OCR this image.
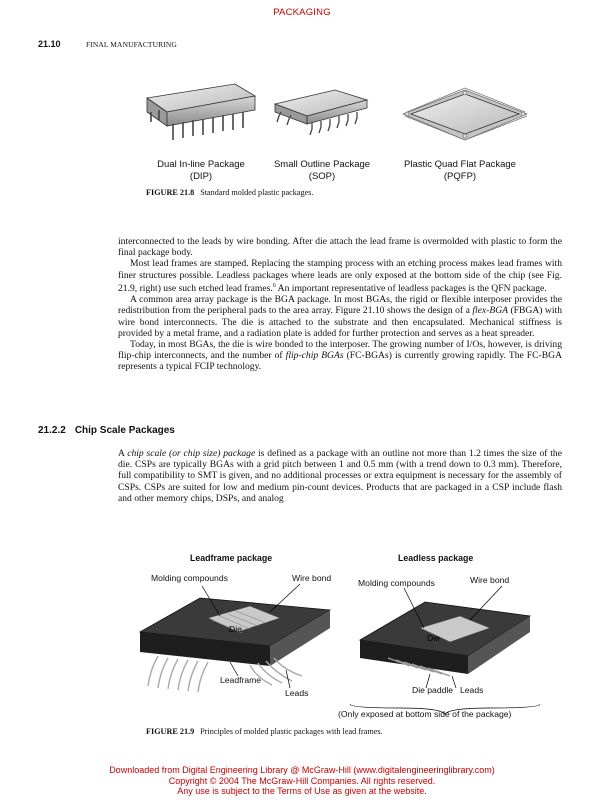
PACKAGING
21.10	FINAL MANUFACTURING
Dual In-line Package
(DIP)
Small Outline Package
(SOP)
Plastic Quad Flat Package
(PQFP)
FIGURE 21.8 Standard molded plastic packages.

interconnected to the leads by wire bonding. After die attach the lead frame is overmolded with plastic to form the final package body.

Most lead frames are stamped. Replacing the stamping process with an etching process makes lead frames with finer structures possible. Leadless packages where leads are only exposed at the bottom side of the chip (see Fig. 21.9, right) use such etched lead frames.$^6$ An important representative of leadless packages is the QFN package.

A common area array package is the BGA package. In most BGAs, the rigid or flexible interposer provides the redistribution from the peripheral pads to the area array. Figure 21.10 shows the design of a flex-BGA (FBGA) with wire bond interconnects. The die is attached to the substrate and then encapsulated. Mechanical stiffness is provided by a metal frame, and a radiation plate is added for further protection and serves as a heat spreader.

Today, in most BGAs, the die is wire bonded to the interposer. The growing number of I/Os, however, is driving flip-chip interconnects, and the number of flip-chip BGAs (FC-BGAs) is currently growing rapidly. The FC-BGA represents a typical FCIP technology.

21.2.2 Chip Scale Packages

A chip scale (or chip size) package is defined as a package with an outline not more than 1.2 times the size of the die. CSPs are typically BGAs with a grid pitch between 1 and 0.5 mm (with a trend down to 0.3 mm). Therefore, full compatibility to SMT is given, and no additional processes or extra equipment is necessary for the assembly of CSPs. CSPs are suited for low and medium pin-count devices. Products that are packaged in a CSP include flash and other memory chips, DSPs, and analog

Leadframe package	Leadless package
Molding compounds	Wire bond
Die
Leadframe
Leads
Molding compounds	Wire bond
Die
Die paddle Leads
(Only exposed at bottom side of the package)
FIGURE 21.9 Principles of molded plastic packages with lead frames.
Downloaded from Digital Engineering Library @ McGraw-Hill (www.digitalengineeringlibrary.com)
Copyright © 2004 The McGraw-Hill Companies. All rights reserved.
Any use is subject to the Terms of Use as given at the website.
